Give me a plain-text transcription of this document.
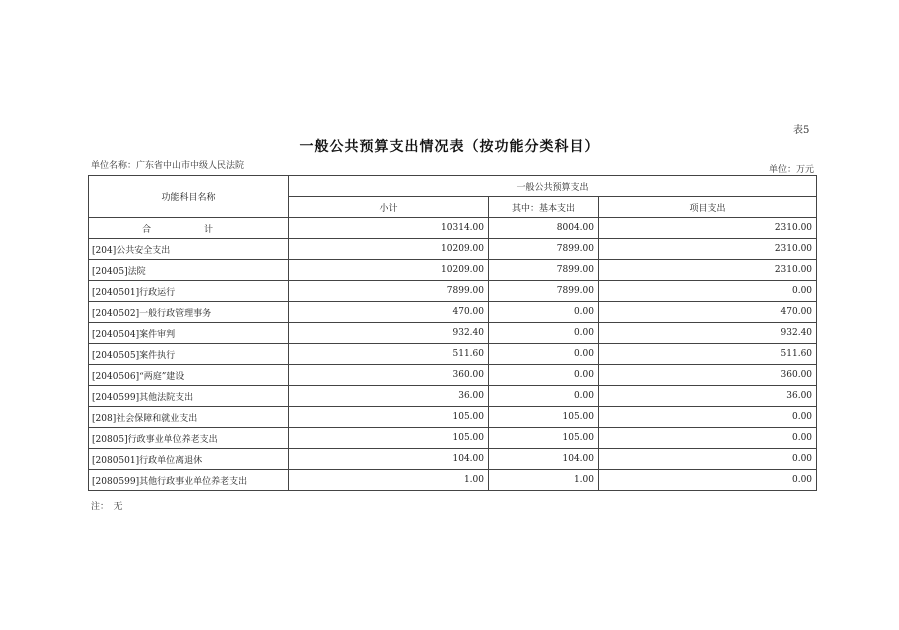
表5
一般公共预算支出情况表（按功能分类科目）
单位名称：广东省中山市中级人民法院	单位：万元
功能科目名称	一般公共预算支出		
	小计	其中：基本支出	项目支出
合　计	10314.00	8004.00	2310.00
[204]公共安全支出	10209.00	7899.00	2310.00
[20405]法院	10209.00	7899.00	2310.00
[2040501]行政运行	7899.00	7899.00	0.00
[2040502]一般行政管理事务	470.00	0.00	470.00
[2040504]案件审判	932.40	0.00	932.40
[2040505]案件执行	511.60	0.00	511.60
[2040506]“两庭”建设	360.00	0.00	360.00
[2040599]其他法院支出	36.00	0.00	36.00
[208]社会保障和就业支出	105.00	105.00	0.00
[20805]行政事业单位养老支出	105.00	105.00	0.00
[2080501]行政单位离退休	104.00	104.00	0.00
[2080599]其他行政事业单位养老支出	1.00	1.00	0.00
注：　无
